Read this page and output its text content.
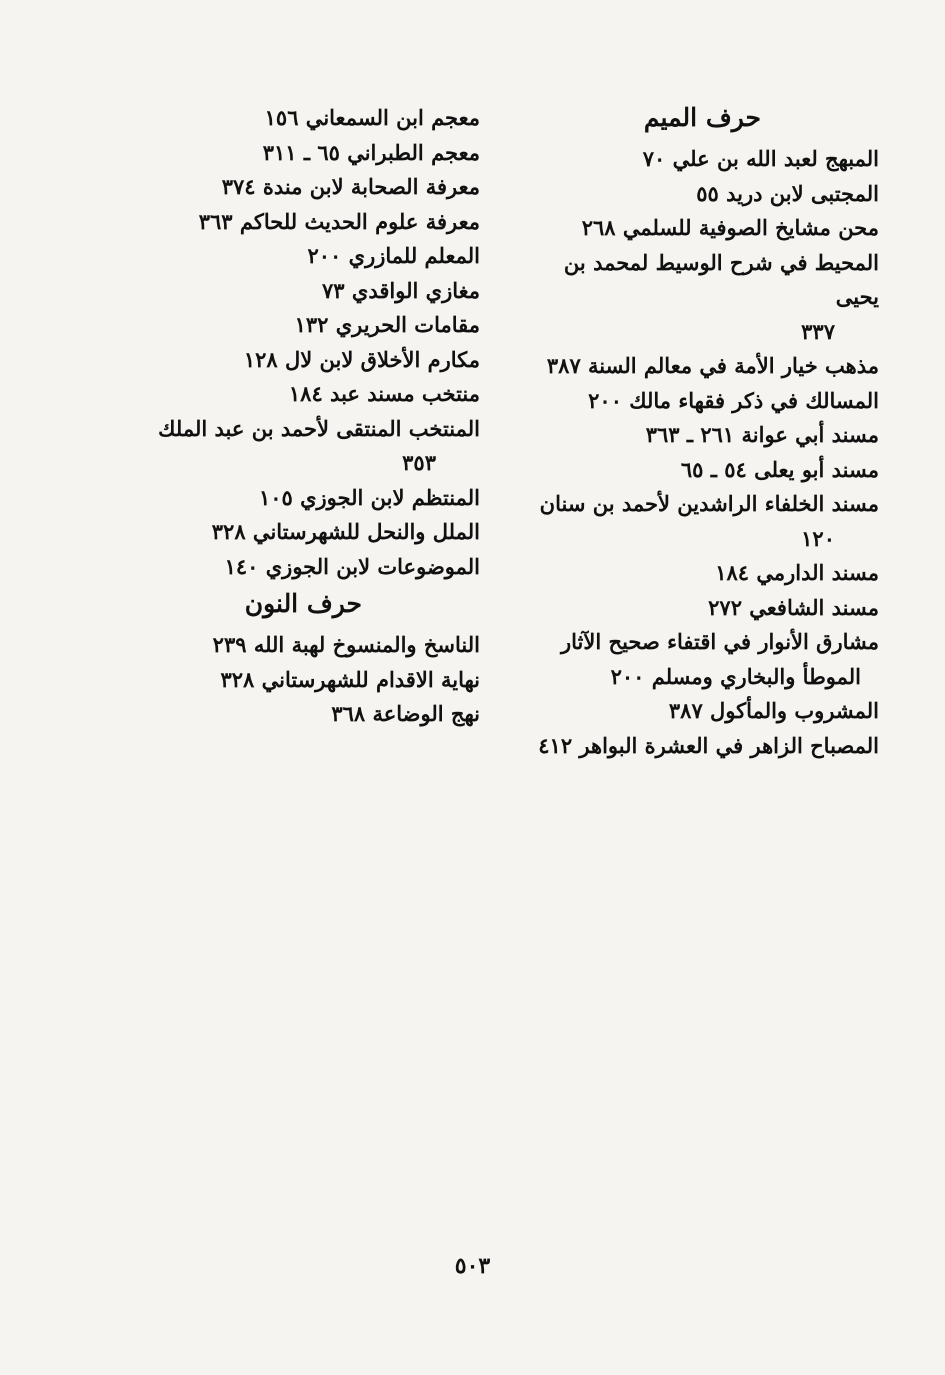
حرف الميم
المبهج لعبد الله بن علي ٧٠
المجتبى لابن دريد ٥٥
محن مشايخ الصوفية للسلمي ٢٦٨
المحيط في شرح الوسيط لمحمد بن يحيى
٣٣٧
مذهب خيار الأمة في معالم السنة ٣٨٧
المسالك في ذكر فقهاء مالك ٢٠٠
مسند أبي عوانة ٢٦١ ـ ٣٦٣
مسند أبو يعلى ٥٤ ـ ٦٥
مسند الخلفاء الراشدين لأحمد بن سنان
١٢٠
مسند الدارمي ١٨٤
مسند الشافعي ٢٧٢
مشارق الأنوار في اقتفاء صحيح الآثار
الموطأ والبخاري ومسلم ٢٠٠
المشروب والمأكول ٣٨٧
المصباح الزاهر في العشرة البواهر ٤١٢
معجم ابن السمعاني ١٥٦
معجم الطبراني ٦٥ ـ ٣١١
معرفة الصحابة لابن مندة ٣٧٤
معرفة علوم الحديث للحاكم ٣٦٣
المعلم للمازري ٢٠٠
مغازي الواقدي ٧٣
مقامات الحريري ١٣٢
مكارم الأخلاق لابن لال ١٢٨
منتخب مسند عبد ١٨٤
المنتخب المنتقى لأحمد بن عبد الملك
٣٥٣
المنتظم لابن الجوزي ١٠٥
الملل والنحل للشهرستاني ٣٢٨
الموضوعات لابن الجوزي ١٤٠
حرف النون
الناسخ والمنسوخ لهبة الله ٢٣٩
نهاية الاقدام للشهرستاني ٣٢٨
نهج الوضاعة ٣٦٨
٥٠٣
